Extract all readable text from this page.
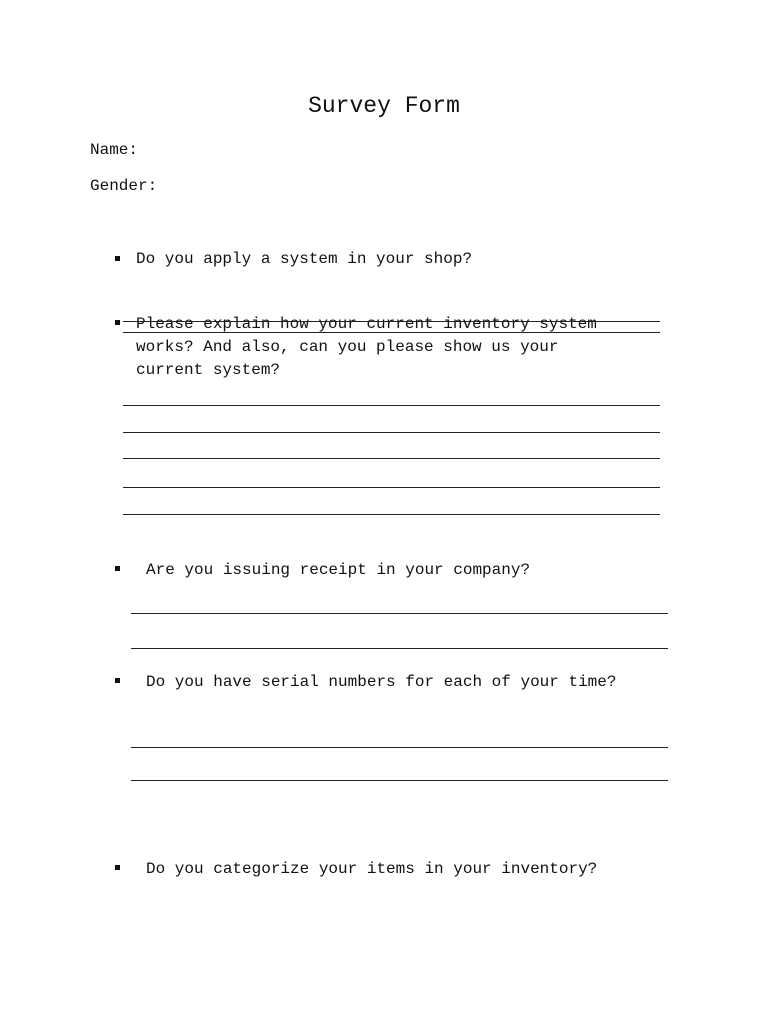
Survey Form
Name:
Gender:
Do you apply a system in your shop?
Please explain how your current inventory system
works? And also, can you please show us your
current system?
Are you issuing receipt in your company?
Do you have serial numbers for each of your time?
Do you categorize your items in your inventory?
